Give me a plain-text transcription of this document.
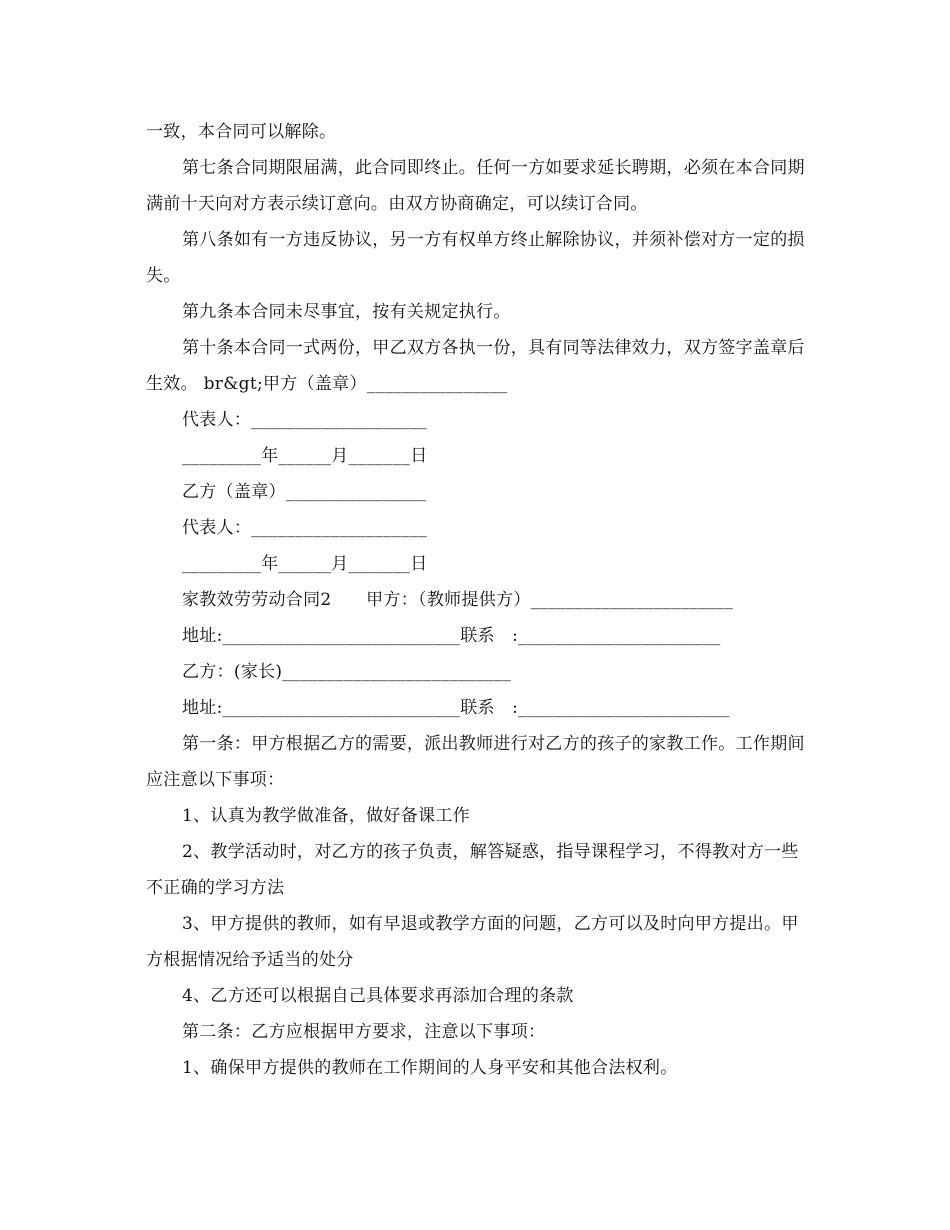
一致，本合同可以解除。

第七条合同期限届满，此合同即终止。任何一方如要求延长聘期，必须在本合同期满前十天向对方表示续订意向。由双方协商确定，可以续订合同。

第八条如有一方违反协议，另一方有权单方终止解除协议，并须补偿对方一定的损失。

第九条本合同未尽事宜，按有关规定执行。

第十条本合同一式两份，甲乙双方各执一份，具有同等法律效力，双方签字盖章后生效。 br&gt;甲方（盖章）________________

代表人：____________________

_________年______月_______日

乙方（盖章）________________

代表人：____________________

_________年______月_______日

家教效劳劳动合同2　　甲方：（教师提供方）_______________________

地址:___________________________联系　:_______________________

乙方：(家长)__________________________

地址:___________________________联系　:________________________

第一条：甲方根据乙方的需要，派出教师进行对乙方的孩子的家教工作。工作期间应注意以下事项：

1、认真为教学做准备，做好备课工作

2、教学活动时，对乙方的孩子负责，解答疑惑，指导课程学习，不得教对方一些不正确的学习方法

3、甲方提供的教师，如有早退或教学方面的问题，乙方可以及时向甲方提出。甲方根据情况给予适当的处分

4、乙方还可以根据自己具体要求再添加合理的条款

第二条：乙方应根据甲方要求，注意以下事项：

1、确保甲方提供的教师在工作期间的人身平安和其他合法权利。
